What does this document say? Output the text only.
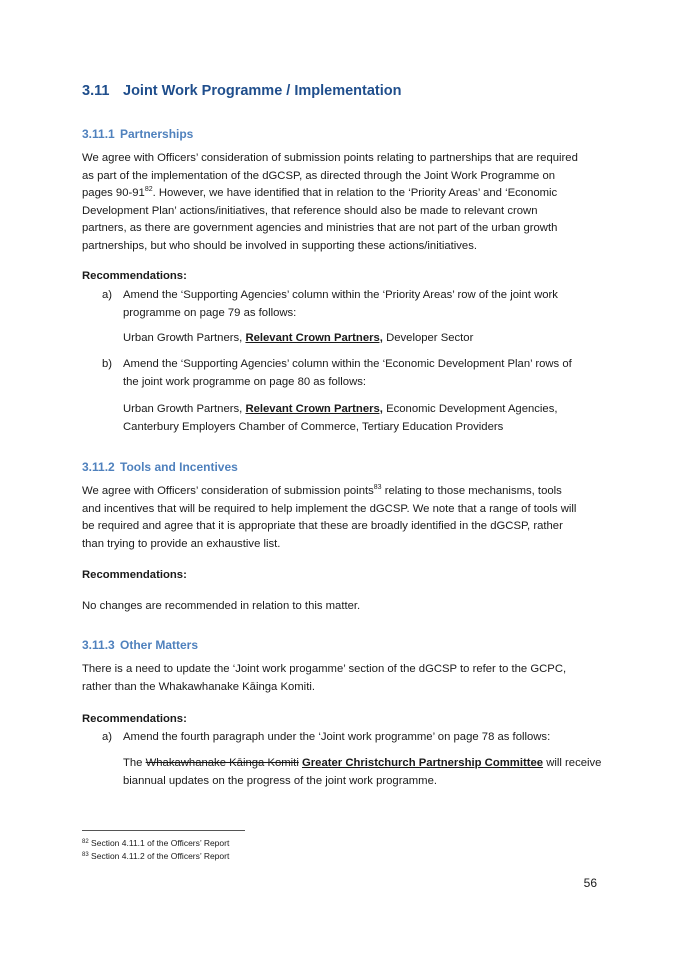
3.11 Joint Work Programme / Implementation
3.11.1 Partnerships
We agree with Officers’ consideration of submission points relating to partnerships that are required
as part of the implementation of the dGCSP, as directed through the Joint Work Programme on
pages $90-91^{82}$. However, we have identified that in relation to the ‘Priority Areas’ and ‘Economic
Development Plan’ actions/initiatives, that reference should also be made to relevant crown
partners, as there are government agencies and ministries that are not part of the urban growth
partnerships, but who should be involved in supporting these actions/initiatives.
Recommendations:
a) Amend the ‘Supporting Agencies’ column within the ‘Priority Areas’ row of the joint work
programme on page 79 as follows:
Urban Growth Partners, Relevant Crown Partners, Developer Sector
b) Amend the ‘Supporting Agencies’ column within the ‘Economic Development Plan’ rows of
the joint work programme on page 80 as follows:
Urban Growth Partners, Relevant Crown Partners, Economic Development Agencies,
Canterbury Employers Chamber of Commerce, Tertiary Education Providers
3.11.2 Tools and Incentives
We agree with Officers’ consideration of submission points$^{83}$ relating to those mechanisms, tools
and incentives that will be required to help implement the dGCSP. We note that a range of tools will
be required and agree that it is appropriate that these are broadly identified in the dGCSP, rather
than trying to provide an exhaustive list.
Recommendations:
No changes are recommended in relation to this matter.
3.11.3 Other Matters
There is a need to update the ‘Joint work progamme’ section of the dGCSP to refer to the GCPC,
rather than the Whakawhanake Kāinga Komiti.
Recommendations:
a) Amend the fourth paragraph under the ‘Joint work programme’ on page 78 as follows:
The Whakawhanake Kāinga Komiti Greater Christchurch Partnership Committee will receive
biannual updates on the progress of the joint work programme.
$^{82}$ Section 4.11.1 of the Officers’ Report
$^{83}$ Section 4.11.2 of the Officers’ Report
56
